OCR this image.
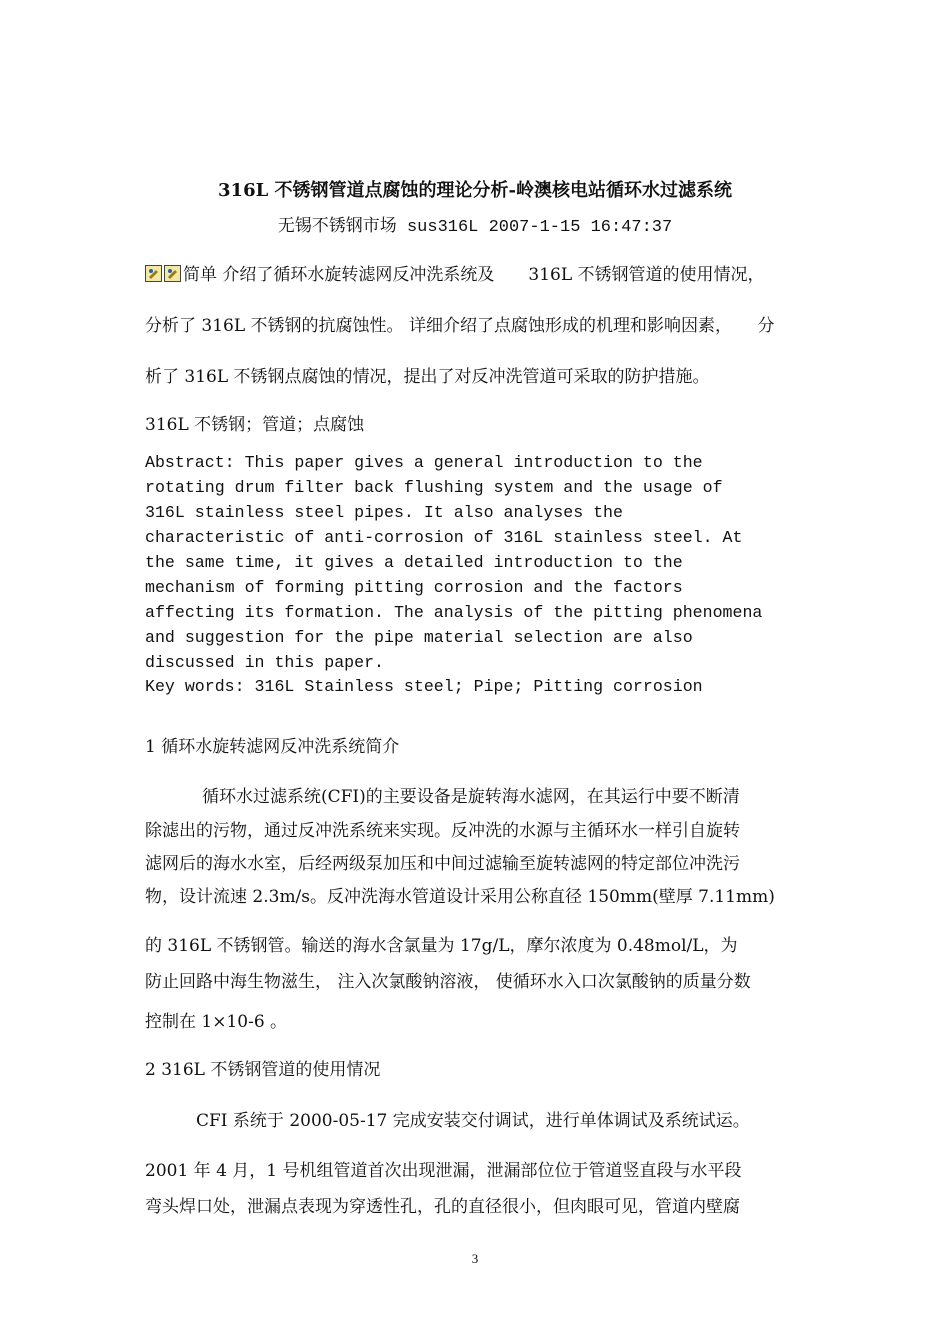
316L 不锈钢管道点腐蚀的理论分析-岭澳核电站循环水过滤系统
无锡不锈钢市场 sus316L 2007-1-15 16:47:37
简单 介绍了循环水旋转滤网反冲洗系统及　　316L 不锈钢管道的使用情况，
分析了 316L 不锈钢的抗腐蚀性。 详细介绍了点腐蚀形成的机理和影响因素，　　分
析了 316L 不锈钢点腐蚀的情况，提出了对反冲洗管道可采取的防护措施。
316L 不锈钢；管道；点腐蚀
Abstract: This paper gives a general introduction to the
rotating drum filter back flushing system and the usage of
316L stainless steel pipes. It also analyses the
characteristic of anti-corrosion of 316L stainless steel. At
the same time, it gives a detailed introduction to the
mechanism of forming pitting corrosion and the factors
affecting its formation. The analysis of the pitting phenomena
and suggestion for the pipe material selection are also
discussed in this paper.
Key words: 316L Stainless steel; Pipe; Pitting corrosion
1 循环水旋转滤网反冲洗系统简介
循环水过滤系统(CFI)的主要设备是旋转海水滤网，在其运行中要不断清
除滤出的污物，通过反冲洗系统来实现。反冲洗的水源与主循环水一样引自旋转
滤网后的海水水室，后经两级泵加压和中间过滤输至旋转滤网的特定部位冲洗污
物，设计流速 2.3m/s。反冲洗海水管道设计采用公称直径 150mm(壁厚 7.11mm)
的 316L 不锈钢管。输送的海水含氯量为 17g/L，摩尔浓度为 0.48mol/L，为
防止回路中海生物滋生， 注入次氯酸钠溶液， 使循环水入口次氯酸钠的质量分数
控制在 1×10-6 。
2 316L 不锈钢管道的使用情况
CFI 系统于 2000-05-17 完成安装交付调试，进行单体调试及系统试运。
2001 年 4 月，1 号机组管道首次出现泄漏，泄漏部位位于管道竖直段与水平段
弯头焊口处，泄漏点表现为穿透性孔，孔的直径很小，但肉眼可见，管道内壁腐
3
